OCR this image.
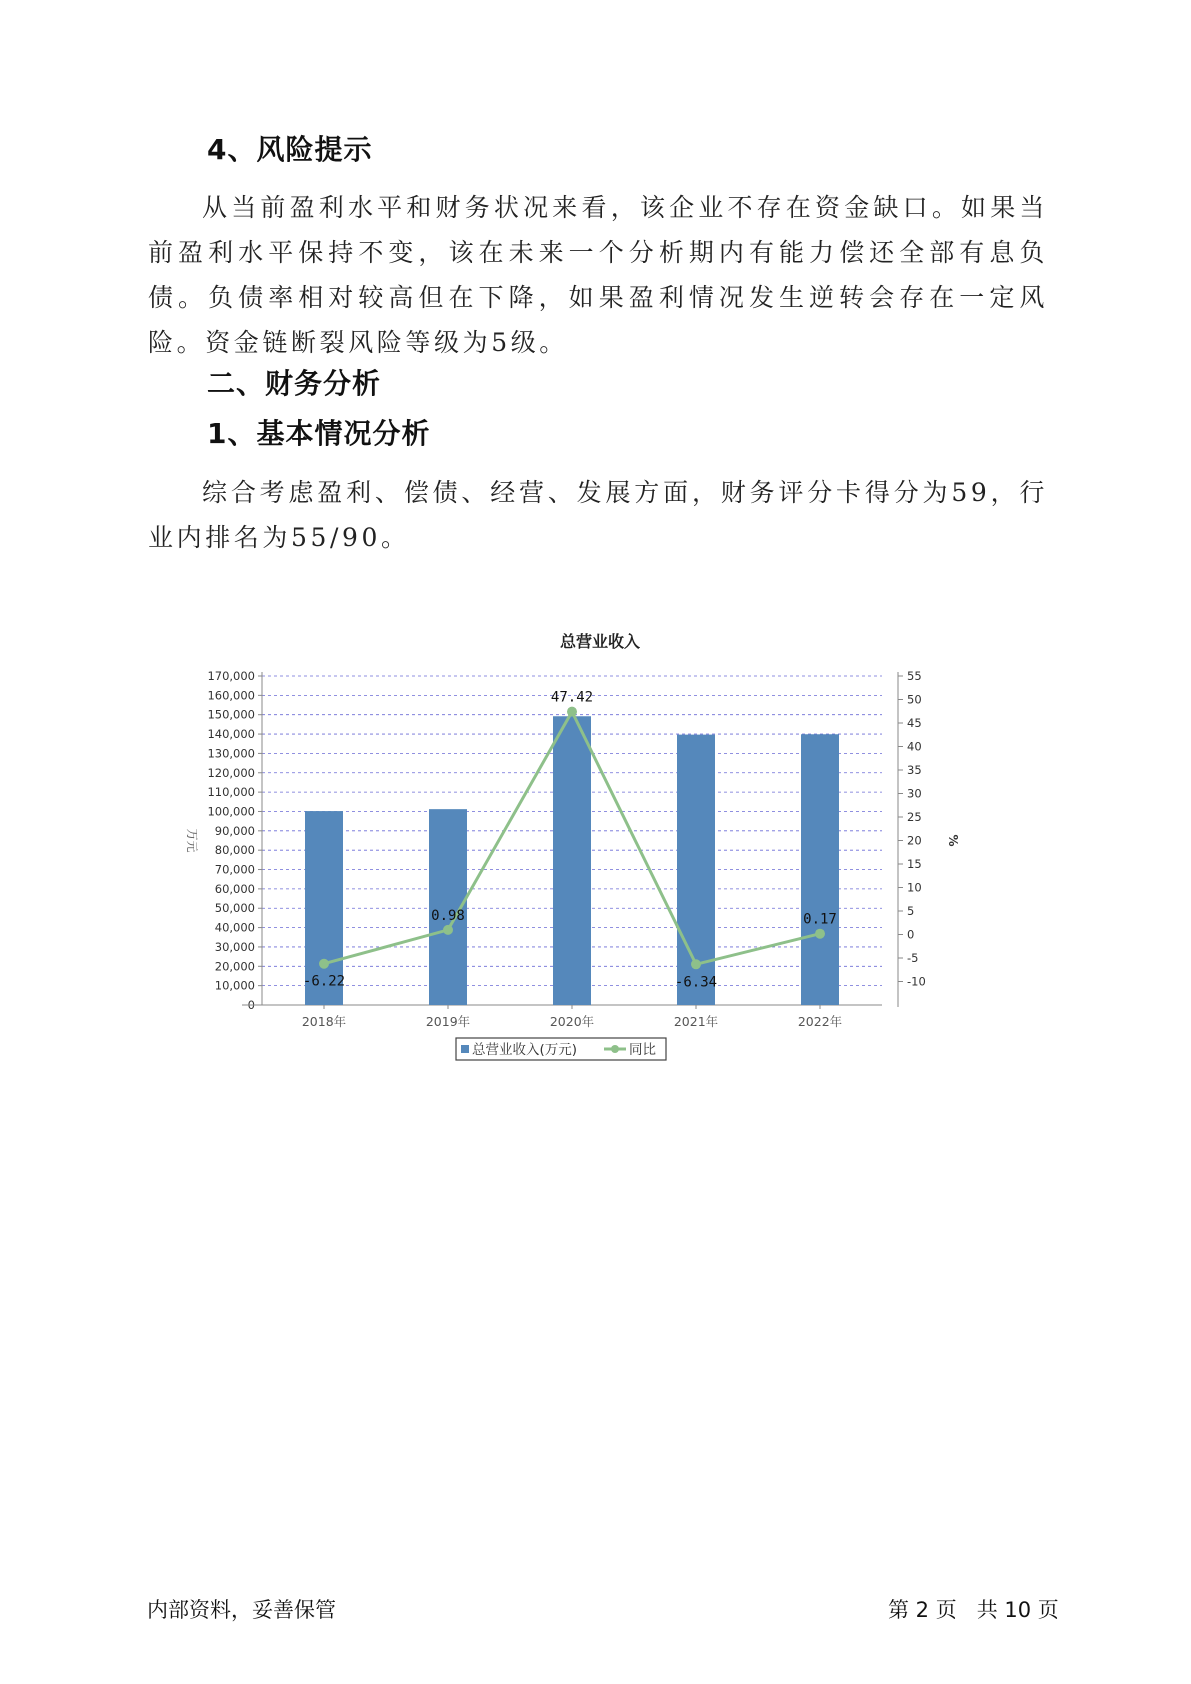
4、风险提示

从当前盈利水平和财务状况来看，该企业不存在资金缺口。如果当前盈利水平保持不变，该在未来一个分析期内有能力偿还全部有息负债。负债率相对较高但在下降，如果盈利情况发生逆转会存在一定风险。资金链断裂风险等级为5级。

二、财务分析
1、基本情况分析

综合考虑盈利、偿债、经营、发展方面，财务评分卡得分为59，行业内排名为55/90。

总营业收入
0
10,000
20,000
30,000
40,000
50,000
60,000
70,000
80,000
90,000
100,000
110,000
120,000
130,000
140,000
150,000
160,000
170,000	55
50
45
40
35
30
25
20
15
10
5
0
-5
-10
万元	%
2018年	2019年	2020年	2021年	2022年
-6.22
0.98
47.42
-6.34
0.17
总营业收入(万元)	同比

内部资料，妥善保管	第 2 页   共 10 页
